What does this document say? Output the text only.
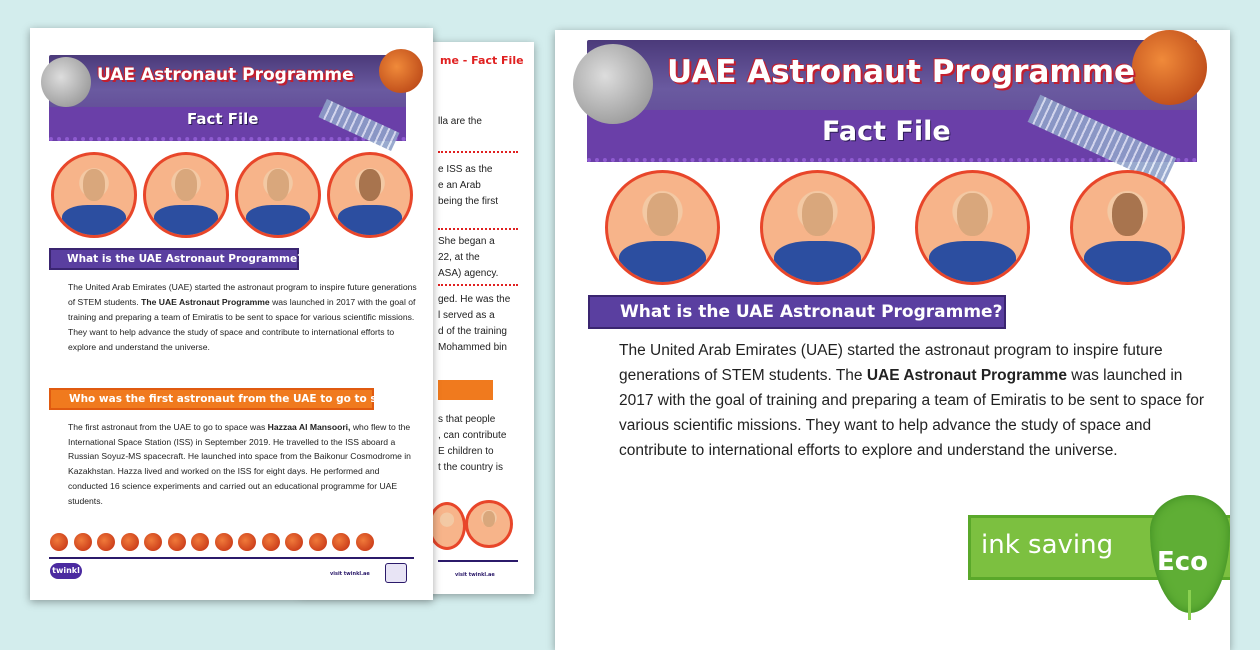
me - Fact File
lla are the
e ISS as the
e an Arab
being the first
She began a
22, at the
ASA) agency.
ged. He was the
l served as a
d of the training
Mohammed bin
s that people
, can contribute
E children to
t the country is
visit twinkl.ae
UAE Astronaut Programme
Fact File
What is the UAE Astronaut Programme?
The United Arab Emirates (UAE) started the astronaut program to inspire future generations of STEM students. The UAE Astronaut Programme was launched in 2017 with the goal of training and preparing a team of Emiratis to be sent to space for various scientific missions. They want to help advance the study of space and contribute to international efforts to explore and understand the universe.
Who was the first astronaut from the UAE to go to space?
The first astronaut from the UAE to go to space was Hazzaa Al Mansoori, who flew to the International Space Station (ISS) in September 2019. He travelled to the ISS aboard a Russian Soyuz-MS spacecraft. He launched into space from the Baikonur Cosmodrome in Kazakhstan. Hazza lived and worked on the ISS for eight days. He performed and conducted 16 science experiments and carried out an educational programme for UAE students.
twinkl	visit twinkl.ae
UAE Astronaut Programme
Fact File
What is the UAE Astronaut Programme?
The United Arab Emirates (UAE) started the astronaut program to inspire future generations of STEM students. The UAE Astronaut Programme was launched in 2017 with the goal of training and preparing a team of Emiratis to be sent to space for various scientific missions. They want to help advance the study of space and contribute to international efforts to explore and understand the universe.
ink saving
Eco
